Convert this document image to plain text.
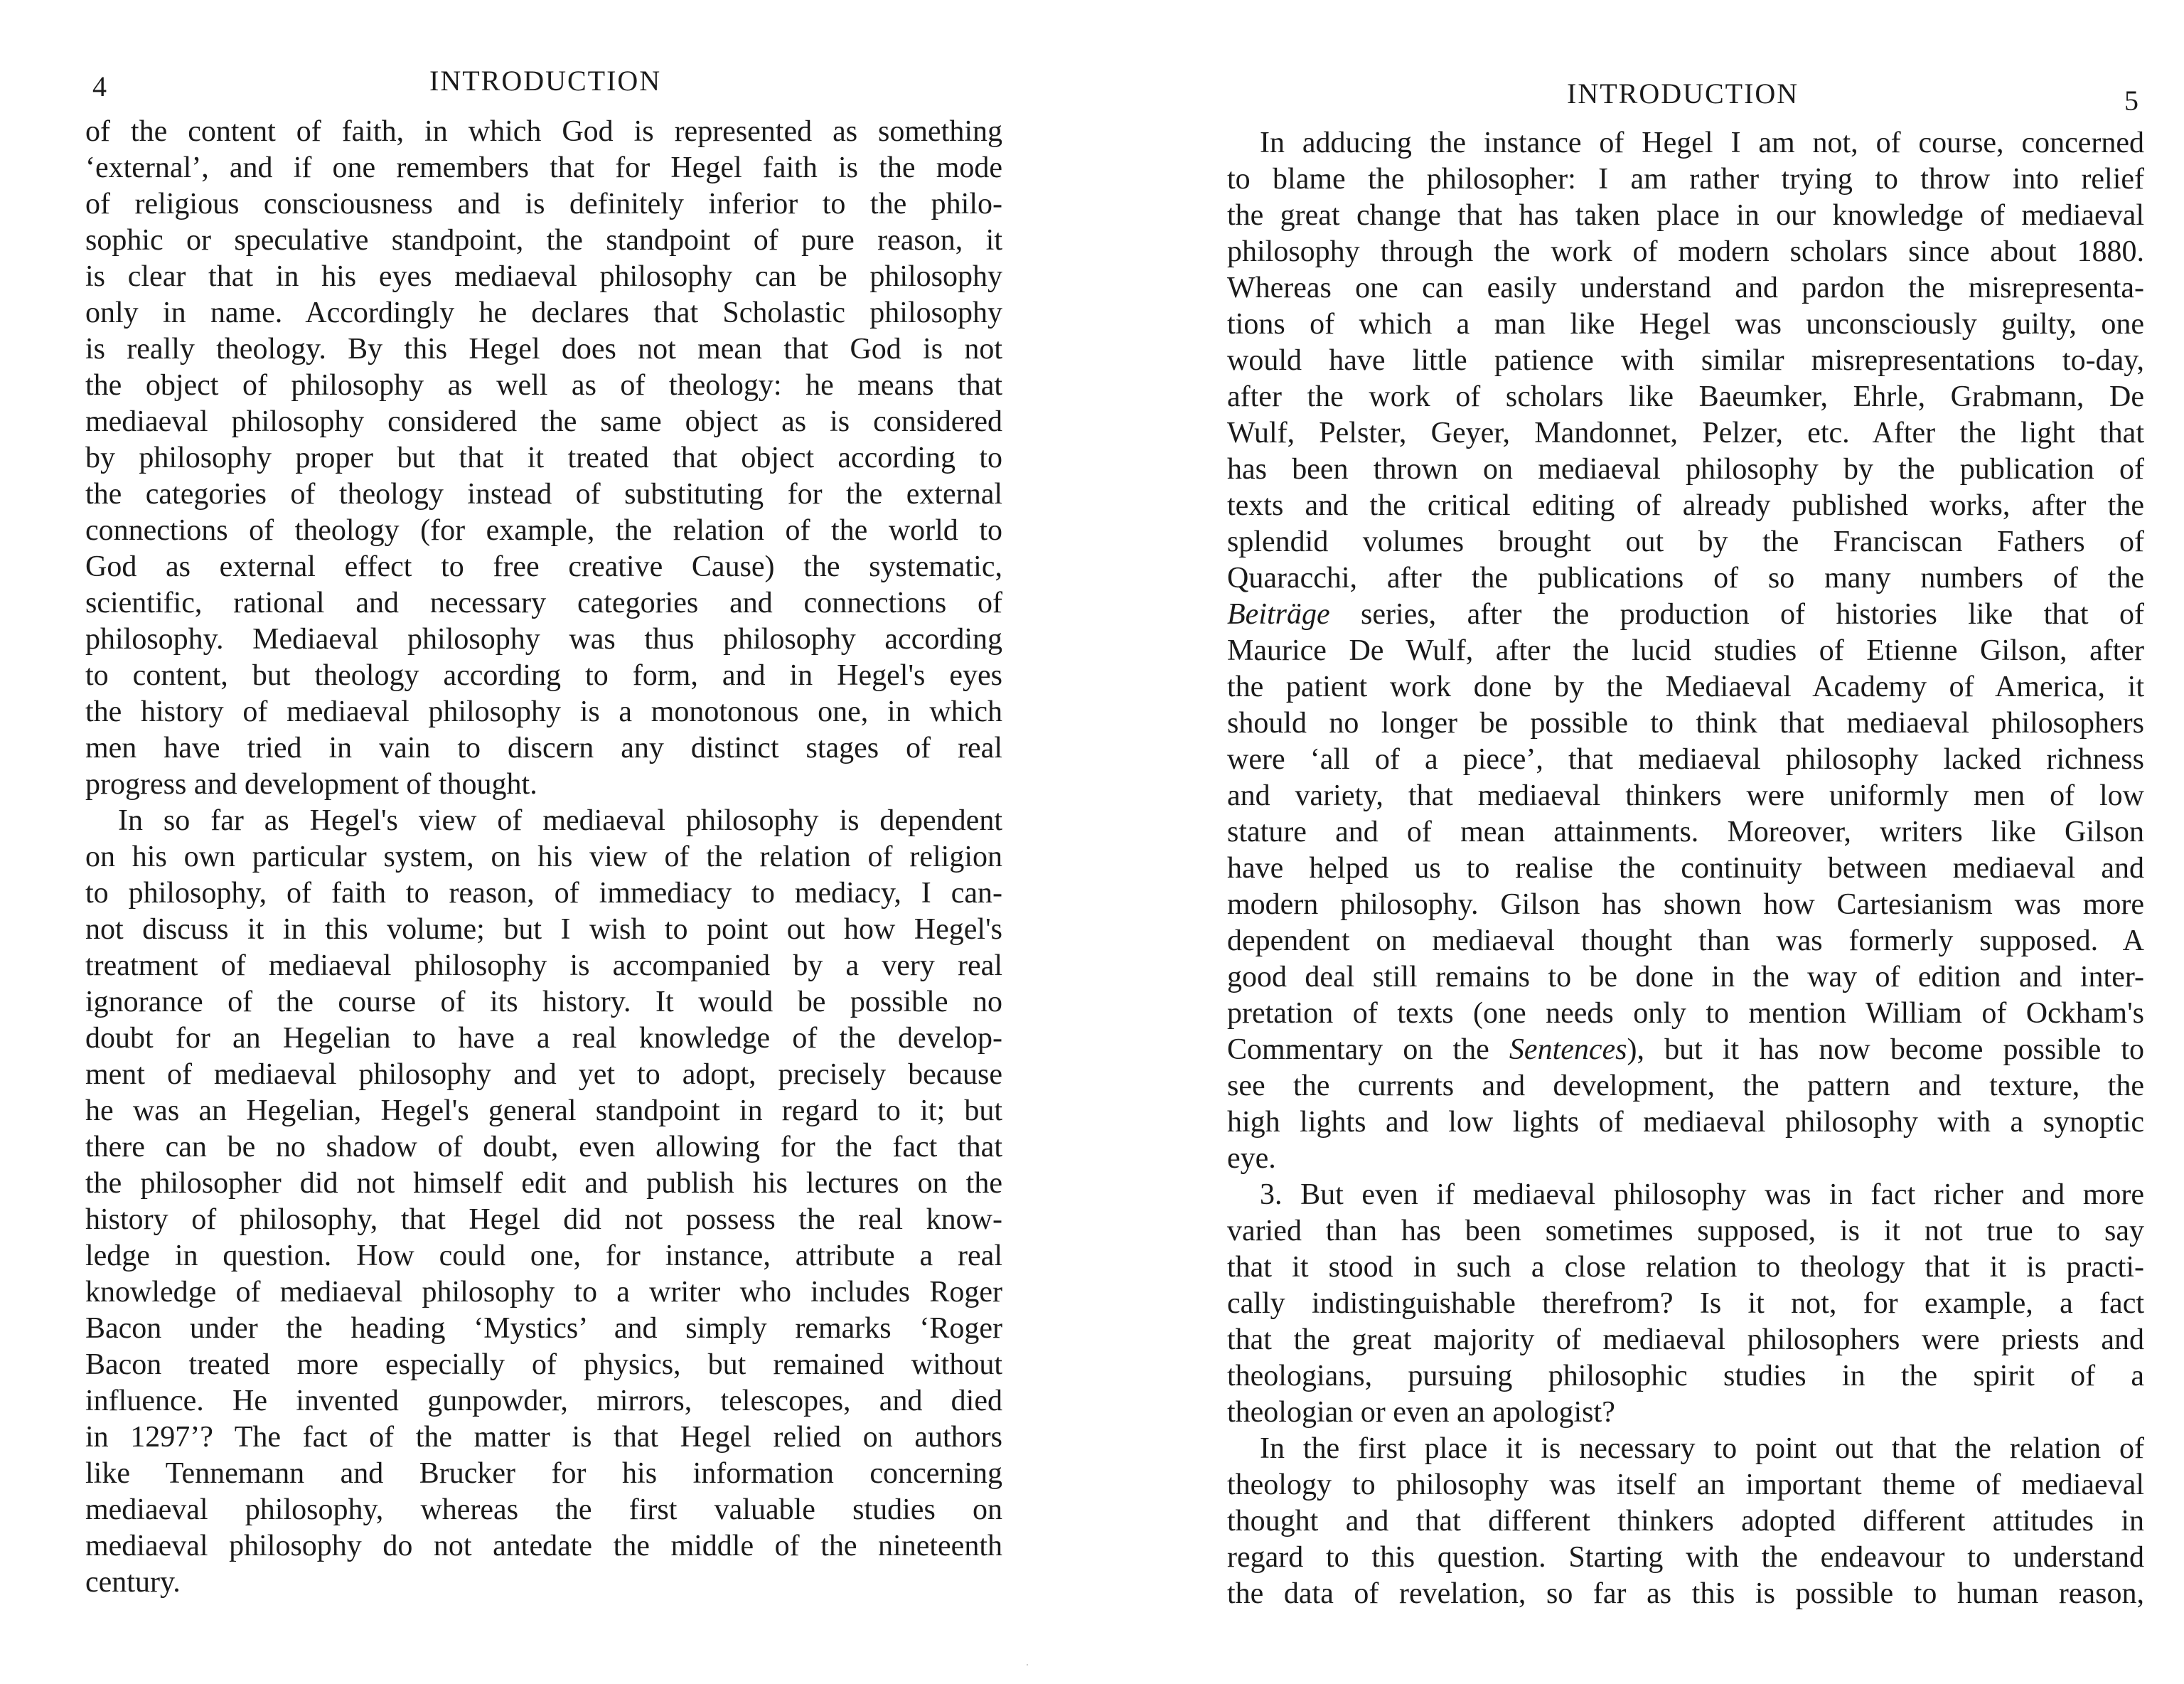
4	INTRODUCTION
of the content of faith, in which God is represented as something
‘external’, and if one remembers that for Hegel faith is the mode
of religious consciousness and is definitely inferior to the philo-
sophic or speculative standpoint, the standpoint of pure reason, it
is clear that in his eyes mediaeval philosophy can be philosophy
only in name. Accordingly he declares that Scholastic philosophy
is really theology. By this Hegel does not mean that God is not
the object of philosophy as well as of theology: he means that
mediaeval philosophy considered the same object as is considered
by philosophy proper but that it treated that object according to
the categories of theology instead of substituting for the external
connections of theology (for example, the relation of the world to
God as external effect to free creative Cause) the systematic,
scientific, rational and necessary categories and connections of
philosophy. Mediaeval philosophy was thus philosophy according
to content, but theology according to form, and in Hegel's eyes
the history of mediaeval philosophy is a monotonous one, in which
men have tried in vain to discern any distinct stages of real
progress and development of thought.
In so far as Hegel's view of mediaeval philosophy is dependent
on his own particular system, on his view of the relation of religion
to philosophy, of faith to reason, of immediacy to mediacy, I can-
not discuss it in this volume; but I wish to point out how Hegel's
treatment of mediaeval philosophy is accompanied by a very real
ignorance of the course of its history. It would be possible no
doubt for an Hegelian to have a real knowledge of the develop-
ment of mediaeval philosophy and yet to adopt, precisely because
he was an Hegelian, Hegel's general standpoint in regard to it; but
there can be no shadow of doubt, even allowing for the fact that
the philosopher did not himself edit and publish his lectures on the
history of philosophy, that Hegel did not possess the real know-
ledge in question. How could one, for instance, attribute a real
knowledge of mediaeval philosophy to a writer who includes Roger
Bacon under the heading ‘Mystics’ and simply remarks ‘Roger
Bacon treated more especially of physics, but remained without
influence. He invented gunpowder, mirrors, telescopes, and died
in 1297’? The fact of the matter is that Hegel relied on authors
like Tennemann and Brucker for his information concerning
mediaeval philosophy, whereas the first valuable studies on
mediaeval philosophy do not antedate the middle of the nineteenth
century.
INTRODUCTION	5
In adducing the instance of Hegel I am not, of course, concerned
to blame the philosopher: I am rather trying to throw into relief
the great change that has taken place in our knowledge of mediaeval
philosophy through the work of modern scholars since about 1880.
Whereas one can easily understand and pardon the misrepresenta-
tions of which a man like Hegel was unconsciously guilty, one
would have little patience with similar misrepresentations to-day,
after the work of scholars like Baeumker, Ehrle, Grabmann, De
Wulf, Pelster, Geyer, Mandonnet, Pelzer, etc. After the light that
has been thrown on mediaeval philosophy by the publication of
texts and the critical editing of already published works, after the
splendid volumes brought out by the Franciscan Fathers of
Quaracchi, after the publications of so many numbers of the
Beiträge series, after the production of histories like that of
Maurice De Wulf, after the lucid studies of Etienne Gilson, after
the patient work done by the Mediaeval Academy of America, it
should no longer be possible to think that mediaeval philosophers
were ‘all of a piece’, that mediaeval philosophy lacked richness
and variety, that mediaeval thinkers were uniformly men of low
stature and of mean attainments. Moreover, writers like Gilson
have helped us to realise the continuity between mediaeval and
modern philosophy. Gilson has shown how Cartesianism was more
dependent on mediaeval thought than was formerly supposed. A
good deal still remains to be done in the way of edition and inter-
pretation of texts (one needs only to mention William of Ockham's
Commentary on the Sentences), but it has now become possible to
see the currents and development, the pattern and texture, the
high lights and low lights of mediaeval philosophy with a synoptic
eye.
3. But even if mediaeval philosophy was in fact richer and more
varied than has been sometimes supposed, is it not true to say
that it stood in such a close relation to theology that it is practi-
cally indistinguishable therefrom? Is it not, for example, a fact
that the great majority of mediaeval philosophers were priests and
theologians, pursuing philosophic studies in the spirit of a
theologian or even an apologist?
In the first place it is necessary to point out that the relation of
theology to philosophy was itself an important theme of mediaeval
thought and that different thinkers adopted different attitudes in
regard to this question. Starting with the endeavour to understand
the data of revelation, so far as this is possible to human reason,
